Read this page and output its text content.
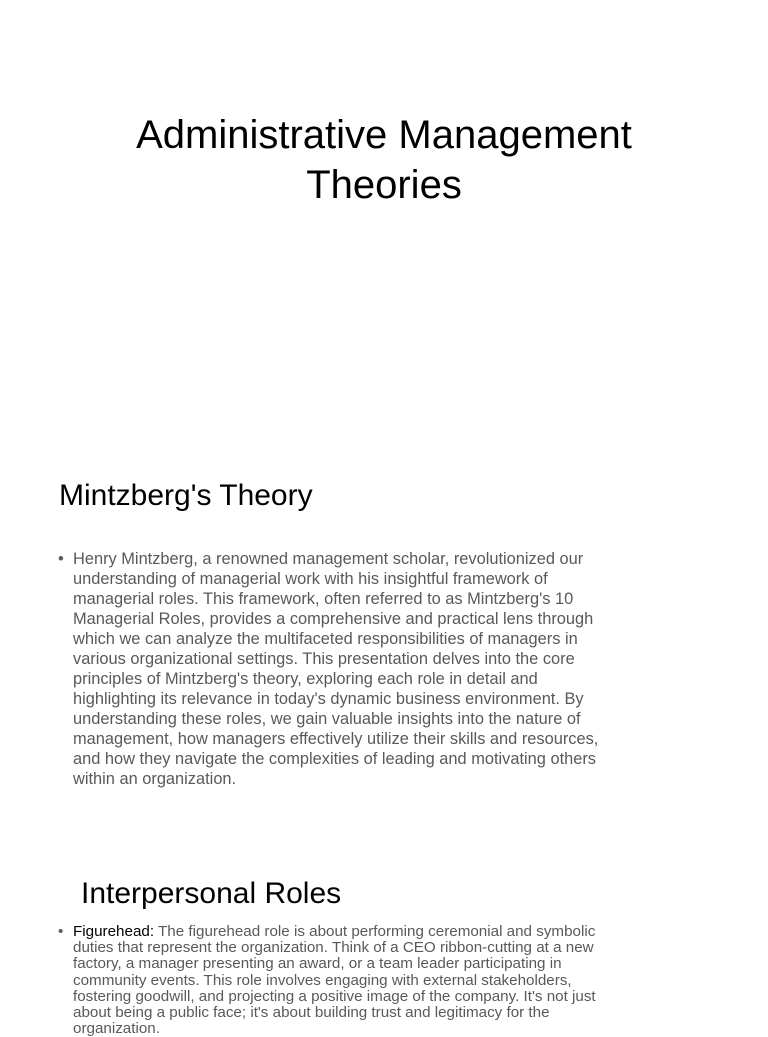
Administrative Management
Theories
Mintzberg's Theory
• Henry Mintzberg, a renowned management scholar, revolutionized our
understanding of managerial work with his insightful framework of
managerial roles. This framework, often referred to as Mintzberg's 10
Managerial Roles, provides a comprehensive and practical lens through
which we can analyze the multifaceted responsibilities of managers in
various organizational settings. This presentation delves into the core
principles of Mintzberg's theory, exploring each role in detail and
highlighting its relevance in today's dynamic business environment. By
understanding these roles, we gain valuable insights into the nature of
management, how managers effectively utilize their skills and resources,
and how they navigate the complexities of leading and motivating others
within an organization.
Interpersonal Roles
• Figurehead: The figurehead role is about performing ceremonial and symbolic
duties that represent the organization. Think of a CEO ribbon-cutting at a new
factory, a manager presenting an award, or a team leader participating in
community events. This role involves engaging with external stakeholders,
fostering goodwill, and projecting a positive image of the company. It's not just
about being a public face; it's about building trust and legitimacy for the
organization.
